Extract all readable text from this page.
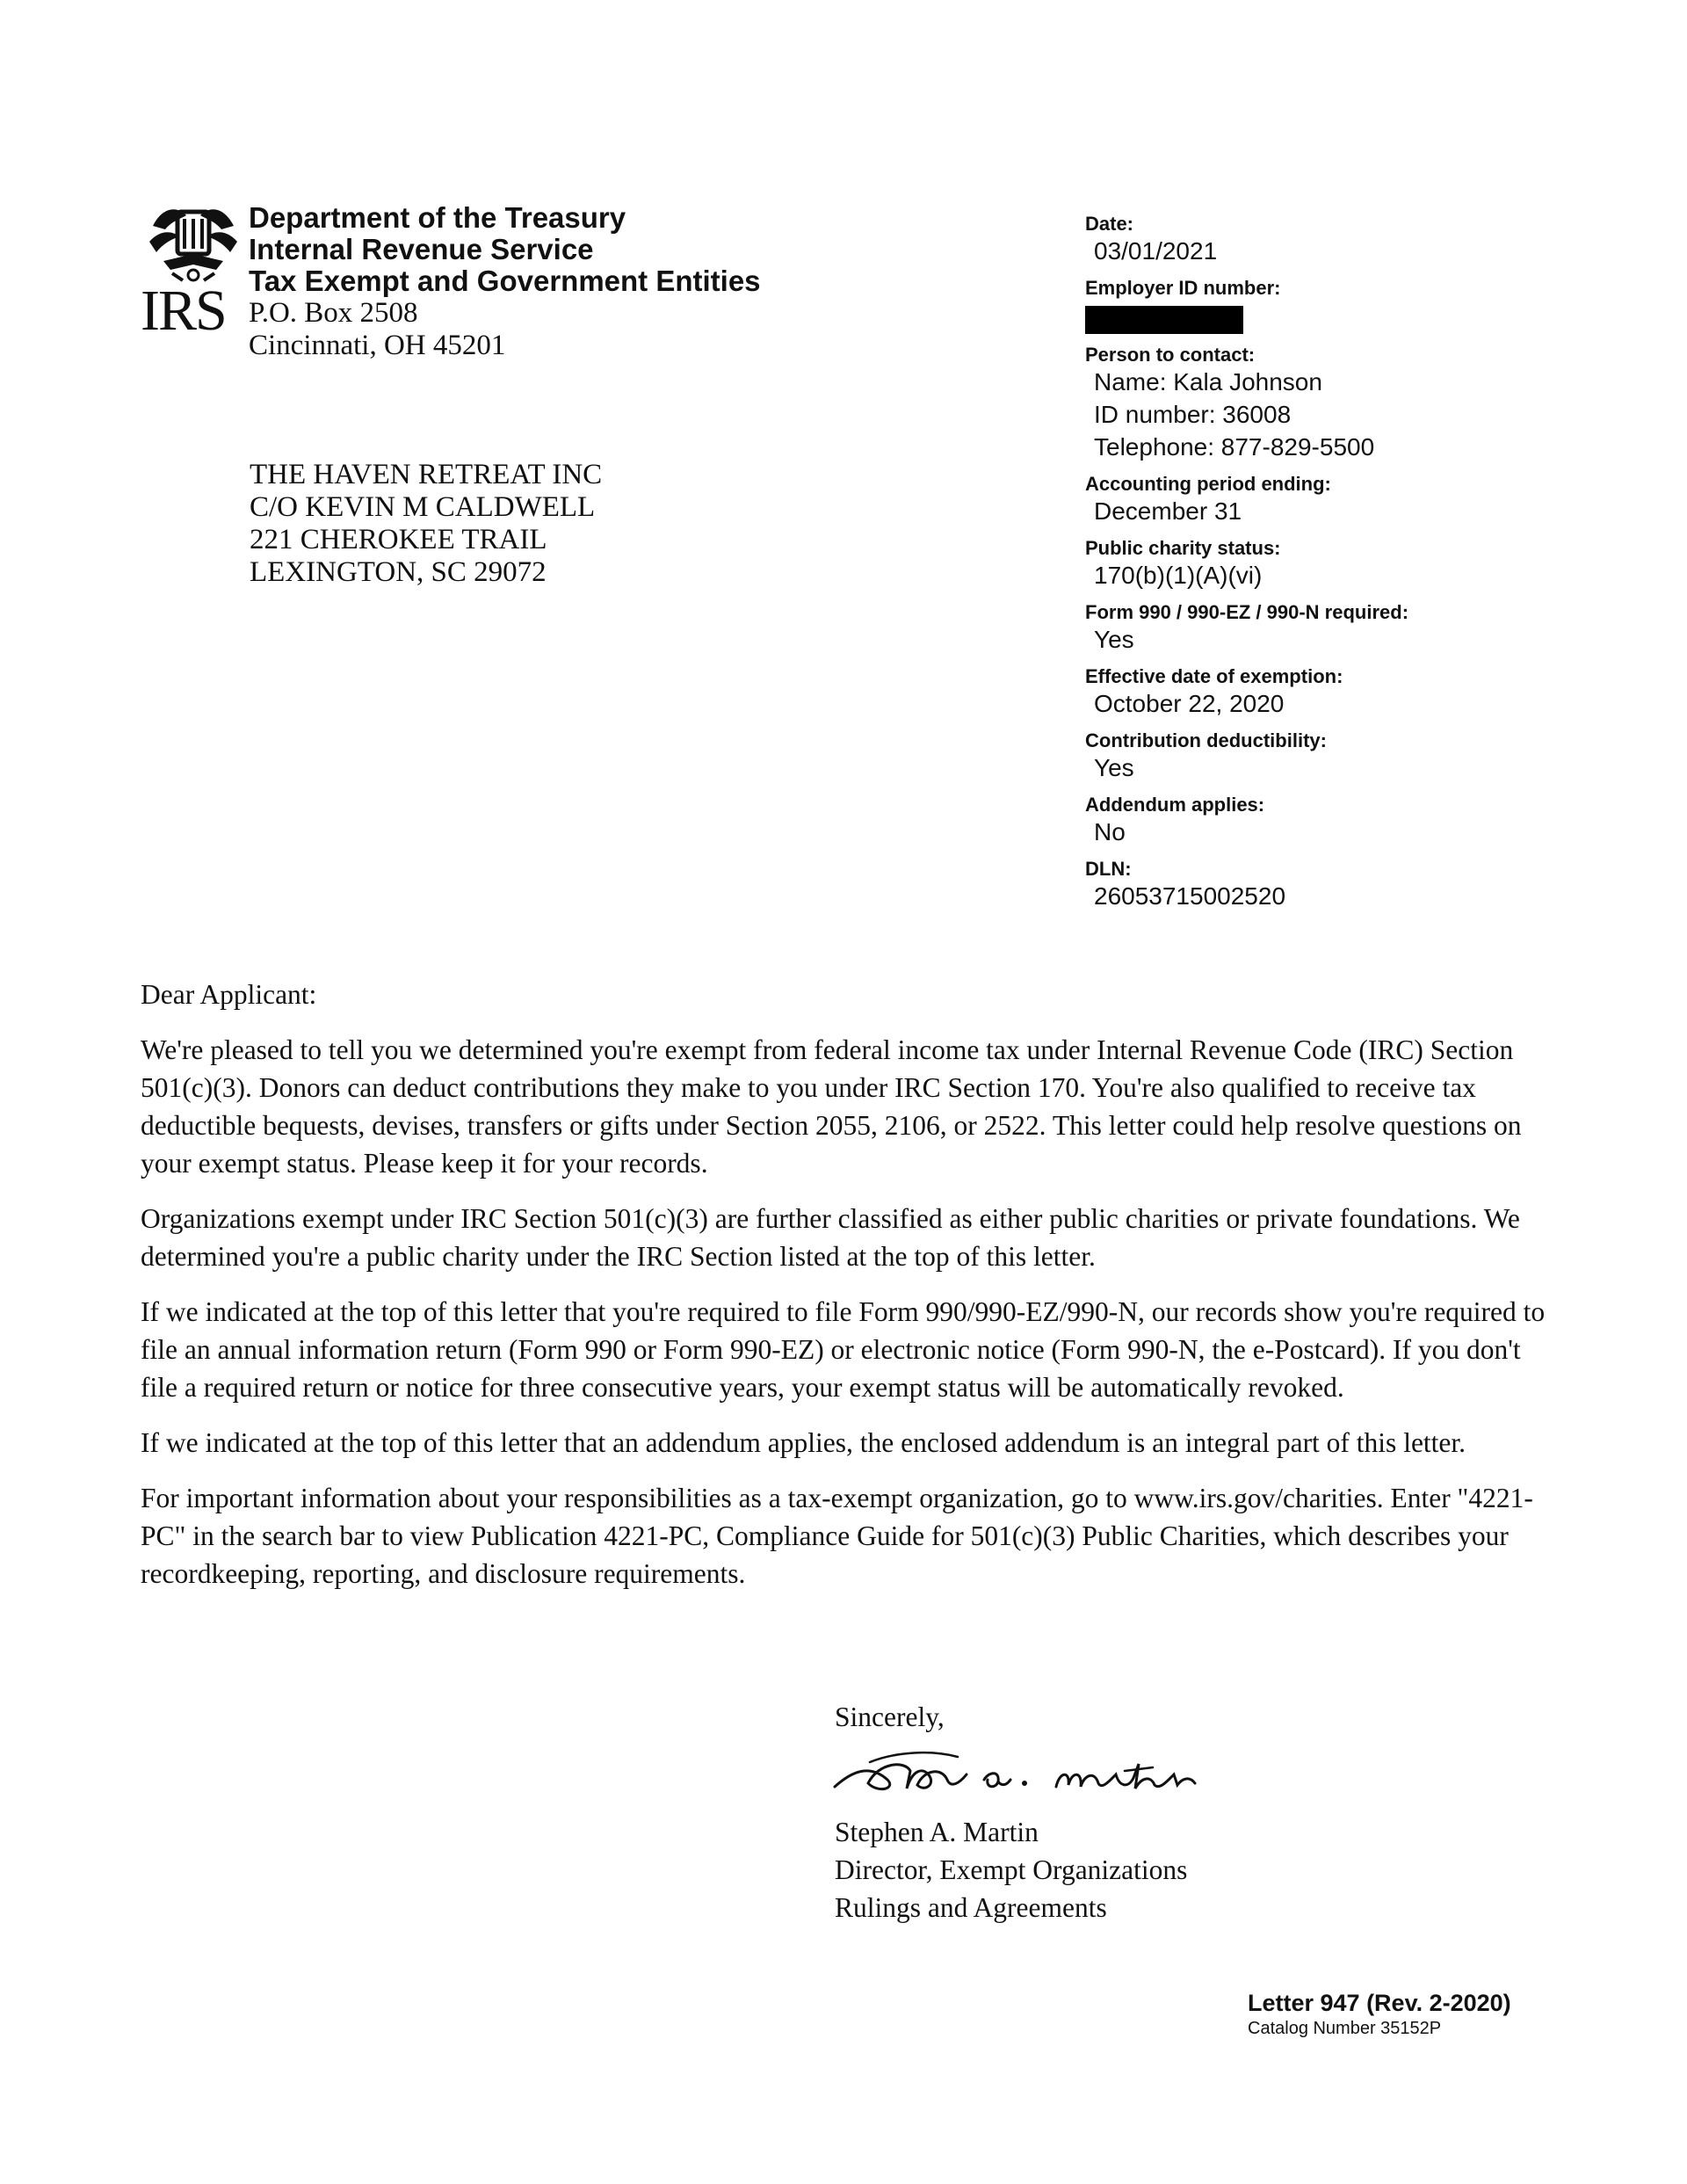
IRS
Department of the Treasury
Internal Revenue Service
Tax Exempt and Government Entities
P.O. Box 2508
Cincinnati, OH 45201
THE HAVEN RETREAT INC
C/O KEVIN M CALDWELL
221 CHEROKEE TRAIL
LEXINGTON, SC 29072
Date:
03/01/2021
Employer ID number:
Person to contact:
Name: Kala Johnson
ID number: 36008
Telephone: 877-829-5500
Accounting period ending:
December 31
Public charity status:
170(b)(1)(A)(vi)
Form 990 / 990-EZ / 990-N required:
Yes
Effective date of exemption:
October 22, 2020
Contribution deductibility:
Yes
Addendum applies:
No
DLN:
26053715002520

Dear Applicant:

We're pleased to tell you we determined you're exempt from federal income tax under Internal Revenue Code (IRC) Section 501(c)(3). Donors can deduct contributions they make to you under IRC Section 170. You're also qualified to receive tax deductible bequests, devises, transfers or gifts under Section 2055, 2106, or 2522. This letter could help resolve questions on your exempt status. Please keep it for your records.

Organizations exempt under IRC Section 501(c)(3) are further classified as either public charities or private foundations. We determined you're a public charity under the IRC Section listed at the top of this letter.

If we indicated at the top of this letter that you're required to file Form 990/990-EZ/990-N, our records show you're required to file an annual information return (Form 990 or Form 990-EZ) or electronic notice (Form 990-N, the e-Postcard). If you don't file a required return or notice for three consecutive years, your exempt status will be automatically revoked.

If we indicated at the top of this letter that an addendum applies, the enclosed addendum is an integral part of this letter.

For important information about your responsibilities as a tax-exempt organization, go to www.irs.gov/charities. Enter "4221-PC" in the search bar to view Publication 4221-PC, Compliance Guide for 501(c)(3) Public Charities, which describes your recordkeeping, reporting, and disclosure requirements.

Sincerely,
Stephen A. Martin
Director, Exempt Organizations
Rulings and Agreements
Letter 947 (Rev. 2-2020)
Catalog Number 35152P
